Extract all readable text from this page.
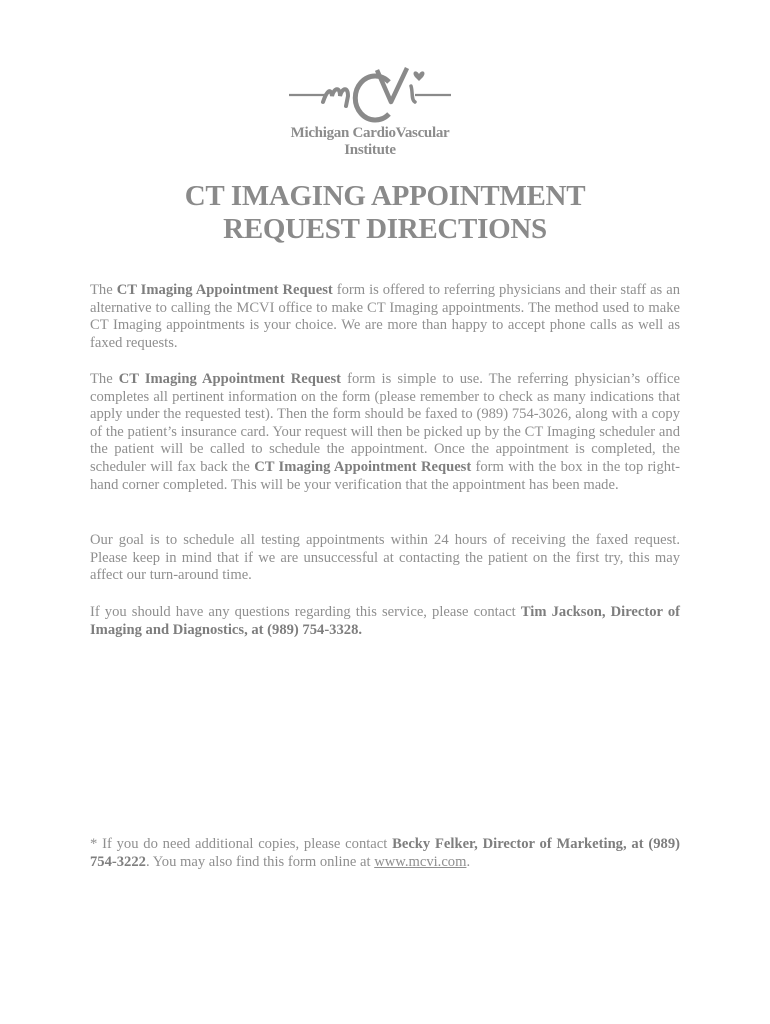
Michigan CardioVascular
Institute
CT IMAGING APPOINTMENT
REQUEST DIRECTIONS
The CT Imaging Appointment Request form is offered to referring physicians and their staff as an alternative to calling the MCVI office to make CT Imaging appointments. The method used to make CT Imaging appointments is your choice. We are more than happy to accept phone calls as well as faxed requests.
The CT Imaging Appointment Request form is simple to use. The referring physician’s office completes all pertinent information on the form (please remember to check as many indications that apply under the requested test). Then the form should be faxed to (989) 754-3026, along with a copy of the patient’s insurance card. Your request will then be picked up by the CT Imaging scheduler and the patient will be called to schedule the appointment. Once the appointment is completed, the scheduler will fax back the CT Imaging Appointment Request form with the box in the top right-hand corner completed. This will be your verification that the appointment has been made.
Our goal is to schedule all testing appointments within 24 hours of receiving the faxed request. Please keep in mind that if we are unsuccessful at contacting the patient on the first try, this may affect our turn-around time.
If you should have any questions regarding this service, please contact Tim Jackson, Director of Imaging and Diagnostics, at (989) 754-3328.
* If you do need additional copies, please contact Becky Felker, Director of Marketing, at (989) 754-3222. You may also find this form online at www.mcvi.com.
